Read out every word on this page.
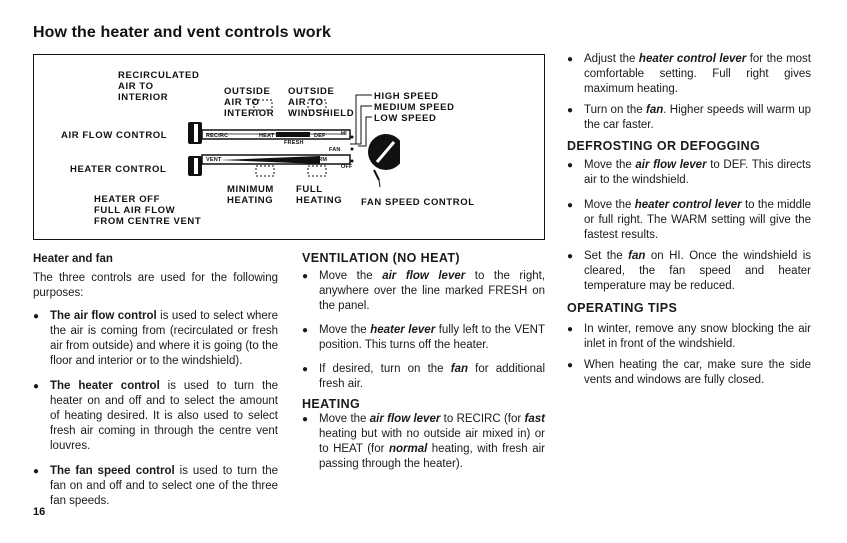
How the heater and vent controls work
RECIRCULATED
AIR TO
INTERIOR
OUTSIDE
AIR TO
INTERIOR
OUTSIDE
AIR TO
WINDSHIELD
HIGH SPEED
MEDIUM SPEED
LOW SPEED
AIR FLOW CONTROL
HEATER CONTROL
HEATER OFF
FULL AIR FLOW
FROM CENTRE VENT
MINIMUM
HEATING
FULL
HEATING FAN SPEED CONTROL
RECIRC	HEAT	DEF
FRESH
VENT	WARM
HI
FAN
OFF

Heater and fan

The three controls are used for the following purposes:

● The air flow control is used to select where the air is coming from (recirculated or fresh air from outside) and where it is going (to the floor and interior or to the windshield).
● The heater control is used to turn the heater on and off and to select the amount of heating desired. It is also used to select fresh air coming in through the centre vent louvres.
● The fan speed control is used to turn the fan on and off and to select one of the three fan speeds.

VENTILATION (NO HEAT)

● Move the air flow lever to the right, anywhere over the line marked FRESH on the panel.
● Move the heater lever fully left to the VENT position. This turns off the heater.
● If desired, turn on the fan for additional fresh air.

HEATING

● Move the air flow lever to RECIRC (for fast heating but with no outside air mixed in) or to HEAT (for normal heating, with fresh air passing through the heater).
● Adjust the heater control lever for the most comfortable setting. Full right gives maximum heating.
● Turn on the fan. Higher speeds will warm up the car faster.

DEFROSTING OR DEFOGGING

● Move the air flow lever to DEF. This directs air to the windshield.
● Move the heater control lever to the middle or full right. The WARM setting will give the fastest results.
● Set the fan on HI. Once the windshield is cleared, the fan speed and heater temperature may be reduced.

OPERATING TIPS

● In winter, remove any snow blocking the air inlet in front of the windshield.
● When heating the car, make sure the side vents and windows are fully closed.
16
